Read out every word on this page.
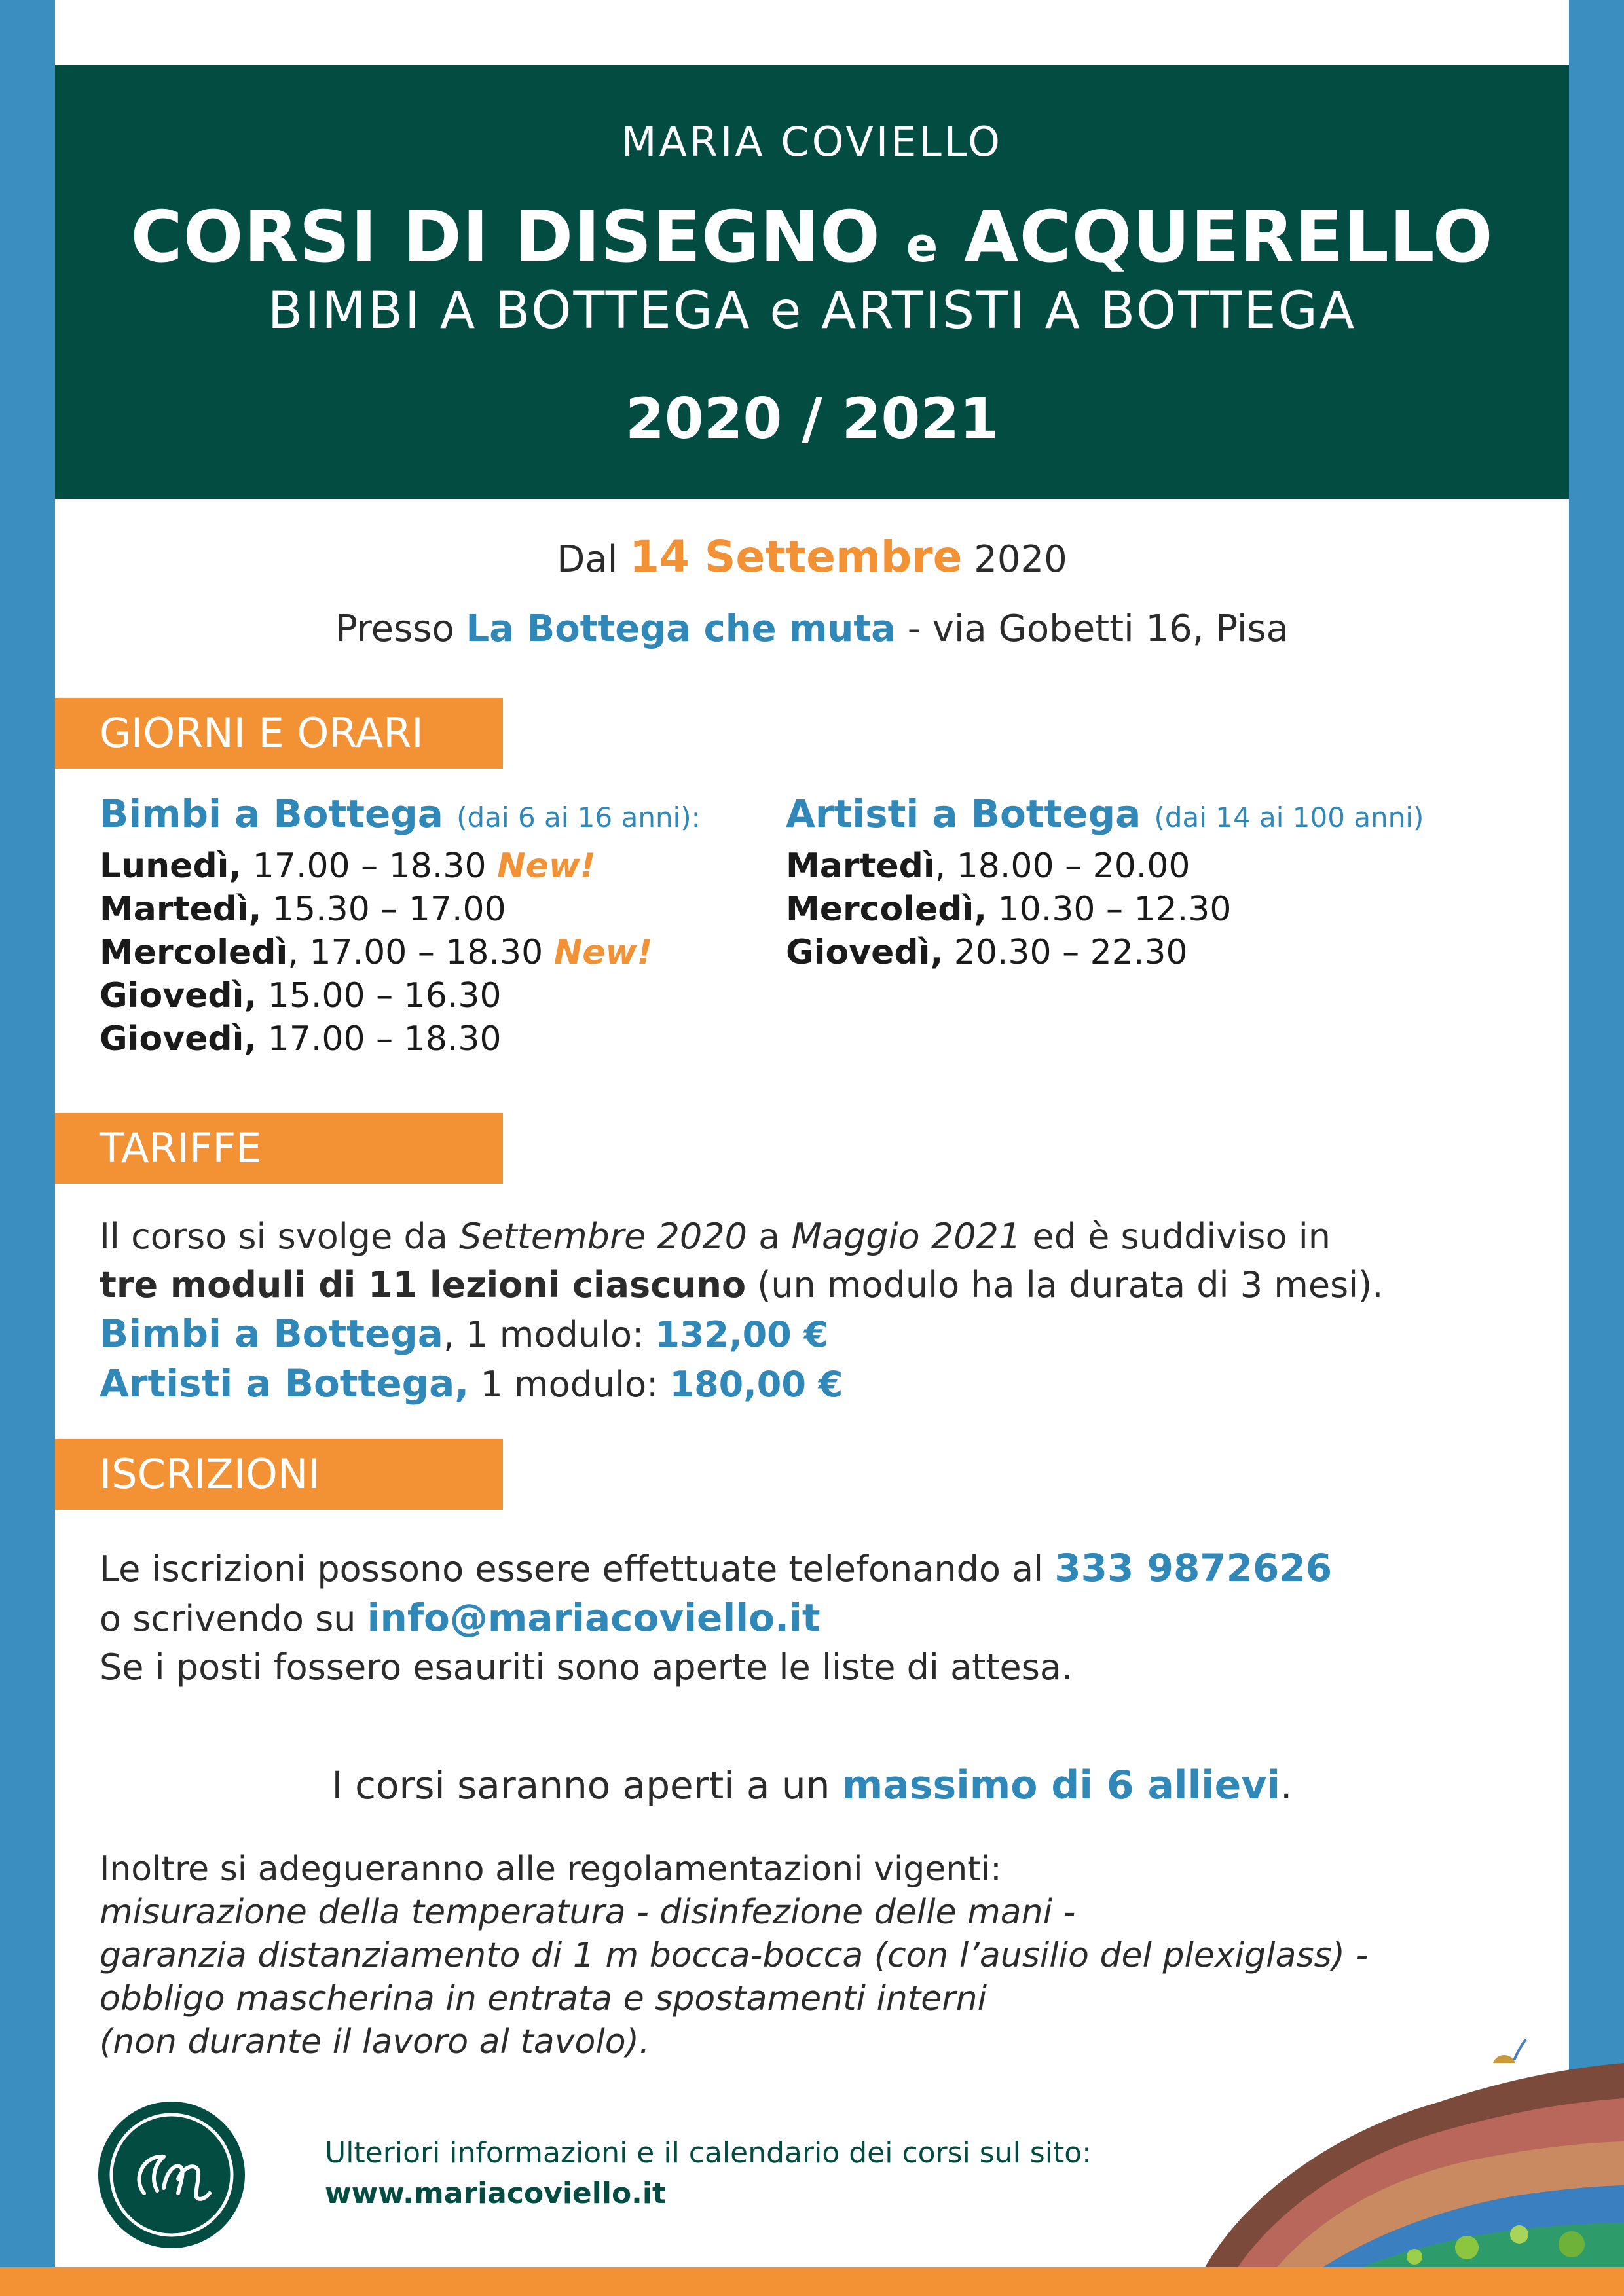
MARIA COVIELLO
CORSI DI DISEGNO e ACQUERELLO
BIMBI A BOTTEGA e ARTISTI A BOTTEGA
2020 / 2021
Dal 14 Settembre 2020
Presso La Bottega che muta - via Gobetti 16, Pisa
GIORNI E ORARI
Bimbi a Bottega (dai 6 ai 16 anni):
Lunedì, 17.00 – 18.30 New!
Martedì, 15.30 – 17.00
Mercoledì, 17.00 – 18.30 New!
Giovedì, 15.00 – 16.30
Giovedì, 17.00 – 18.30
Artisti a Bottega (dai 14 ai 100 anni)
Martedì, 18.00 – 20.00
Mercoledì, 10.30 – 12.30
Giovedì, 20.30 – 22.30
TARIFFE
Il corso si svolge da Settembre 2020 a Maggio 2021 ed è suddiviso in
tre moduli di 11 lezioni ciascuno (un modulo ha la durata di 3 mesi).
Bimbi a Bottega, 1 modulo: 132,00 €
Artisti a Bottega, 1 modulo: 180,00 €
ISCRIZIONI
Le iscrizioni possono essere effettuate telefonando al 333 9872626
o scrivendo su info@mariacoviello.it
Se i posti fossero esauriti sono aperte le liste di attesa.
I corsi saranno aperti a un massimo di 6 allievi.
Inoltre si adegueranno alle regolamentazioni vigenti:
misurazione della temperatura - disinfezione delle mani -
garanzia distanziamento di 1 m bocca-bocca (con l’ausilio del plexiglass) -
obbligo mascherina in entrata e spostamenti interni
(non durante il lavoro al tavolo).
Ulteriori informazioni e il calendario dei corsi sul sito:
www.mariacoviello.it
